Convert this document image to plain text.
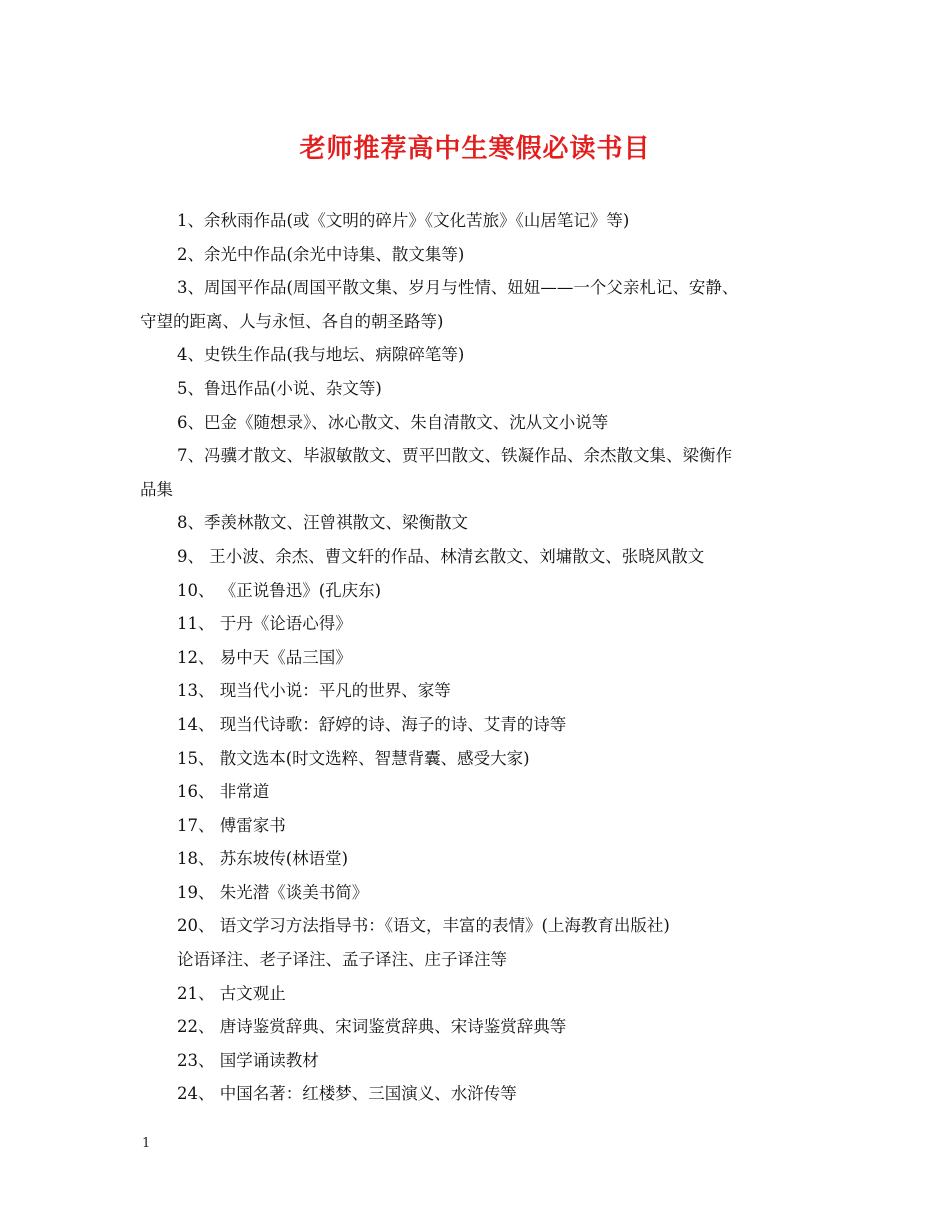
老师推荐高中生寒假必读书目
1、余秋雨作品(或《文明的碎片》《文化苦旅》《山居笔记》等)
2、余光中作品(余光中诗集、散文集等)
3、周国平作品(周国平散文集、岁月与性情、妞妞——一个父亲札记、安静、
守望的距离、人与永恒、各自的朝圣路等)
4、史铁生作品(我与地坛、病隙碎笔等)
5、鲁迅作品(小说、杂文等)
6、巴金《随想录》、冰心散文、朱自清散文、沈从文小说等
7、冯骥才散文、毕淑敏散文、贾平凹散文、铁凝作品、余杰散文集、梁衡作
品集
8、季羡林散文、汪曾祺散文、梁衡散文
9、 王小波、余杰、曹文轩的作品、林清玄散文、刘墉散文、张晓风散文
10、 《正说鲁迅》(孔庆东)
11、 于丹《论语心得》
12、 易中天《品三国》
13、 现当代小说：平凡的世界、家等
14、 现当代诗歌：舒婷的诗、海子的诗、艾青的诗等
15、 散文选本(时文选粹、智慧背囊、感受大家)
16、 非常道
17、 傅雷家书
18、 苏东坡传(林语堂)
19、 朱光潜《谈美书简》
20、 语文学习方法指导书：《语文，丰富的表情》(上海教育出版社)
论语译注、老子译注、孟子译注、庄子译注等
21、 古文观止
22、 唐诗鉴赏辞典、宋词鉴赏辞典、宋诗鉴赏辞典等
23、 国学诵读教材
24、 中国名著：红楼梦、三国演义、水浒传等
1
